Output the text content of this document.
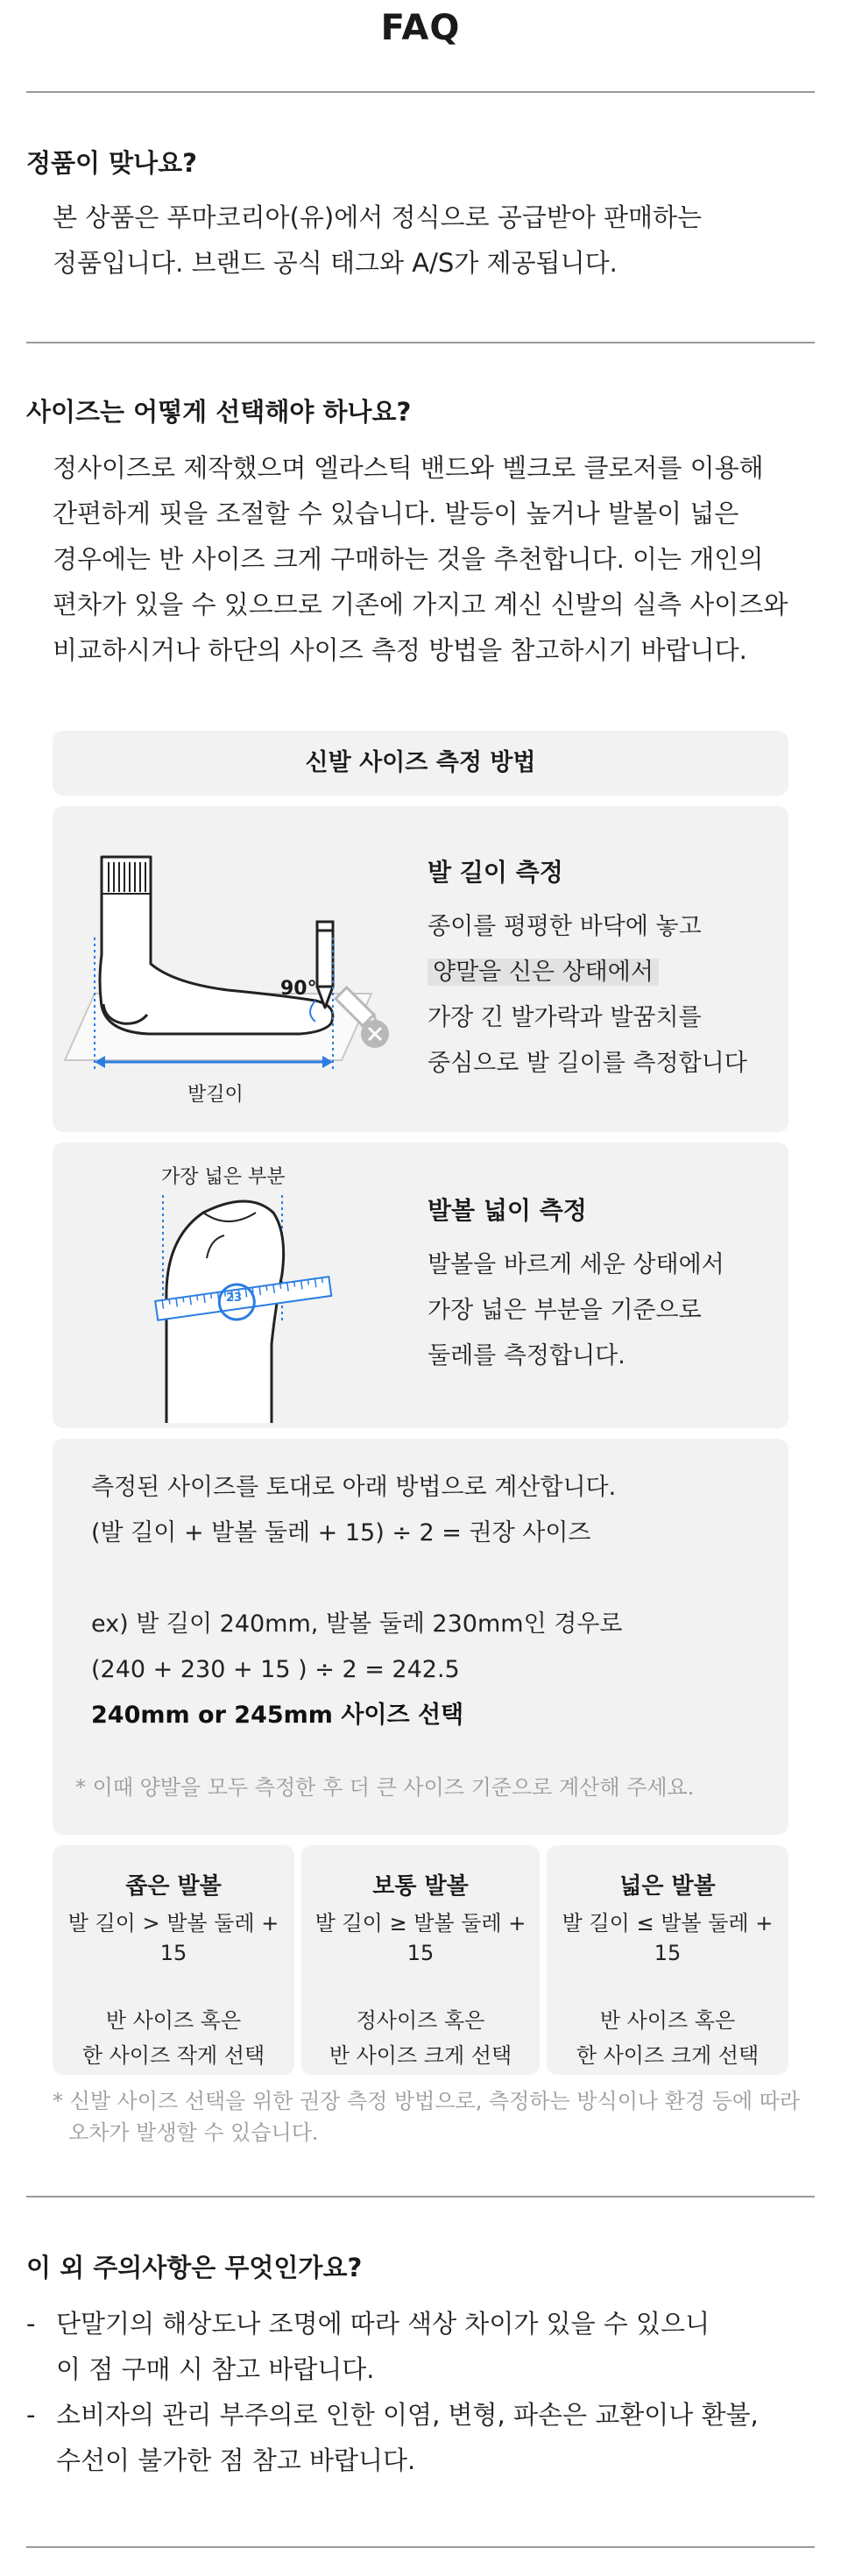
FAQ
정품이 맞나요?

본 상품은 푸마코리아(유)에서 정식으로 공급받아 판매하는

정품입니다. 브랜드 공식 태그와 A/S가 제공됩니다.

사이즈는 어떻게 선택해야 하나요?

정사이즈로 제작했으며 엘라스틱 밴드와 벨크로 클로저를 이용해

간편하게 핏을 조절할 수 있습니다. 발등이 높거나 발볼이 넓은

경우에는 반 사이즈 크게 구매하는 것을 추천합니다. 이는 개인의

편차가 있을 수 있으므로 기존에 가지고 계신 신발의 실측 사이즈와

비교하시거나 하단의 사이즈 측정 방법을 참고하시기 바랍니다.

신발 사이즈 측정 방법
90°
발길이
발 길이 측정

종이를 평평한 바닥에 놓고

양말을 신은 상태에서

가장 긴 발가락과 발꿈치를

중심으로 발 길이를 측정합니다

23
가장 넓은 부분
발볼 넓이 측정

발볼을 바르게 세운 상태에서

가장 넓은 부분을 기준으로

둘레를 측정합니다.

측정된 사이즈를 토대로 아래 방법으로 계산합니다.

(발 길이 + 발볼 둘레 + 15) ÷ 2 = 권장 사이즈

ex) 발 길이 240mm, 발볼 둘레 230mm인 경우로

(240 + 230 + 15 ) ÷ 2 = 242.5

240mm or 245mm 사이즈 선택

* 이때 양발을 모두 측정한 후 더 큰 사이즈 기준으로 계산해 주세요.
좁은 발볼
발 길이 > 발볼 둘레 + 15

반 사이즈 혹은

한 사이즈 작게 선택

보통 발볼
발 길이 ≥ 발볼 둘레 + 15

정사이즈 혹은

반 사이즈 크게 선택

넓은 발볼
발 길이 ≤ 발볼 둘레 + 15

반 사이즈 혹은

한 사이즈 크게 선택

* 신발 사이즈 선택을 위한 권장 측정 방법으로, 측정하는 방식이나 환경 등에 따라
오차가 발생할 수 있습니다.
이 외 주의사항은 무엇인가요?
- 단말기의 해상도나 조명에 따라 색상 차이가 있을 수 있으니

이 점 구매 시 참고 바랍니다.

- 소비자의 관리 부주의로 인한 이염, 변형, 파손은 교환이나 환불,

수선이 불가한 점 참고 바랍니다.
